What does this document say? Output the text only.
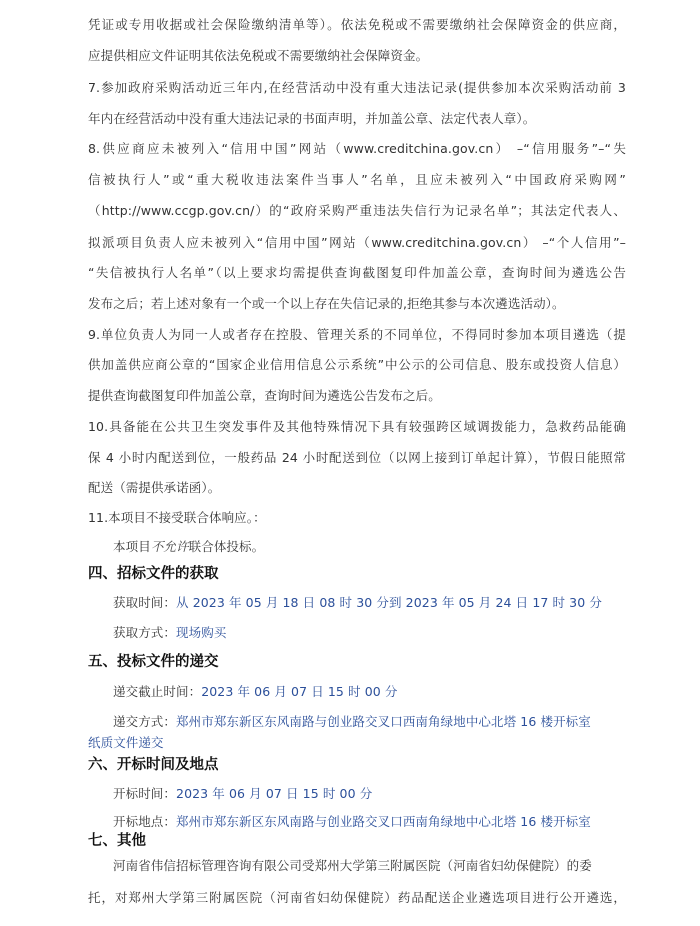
凭证或专用收据或社会保险缴纳清单等）。依法免税或不需要缴纳社会保障资金的供应商，
应提供相应文件证明其依法免税或不需要缴纳社会保障资金。
7.参加政府采购活动近三年内,在经营活动中没有重大违法记录(提供参加本次采购活动前 3
年内在经营活动中没有重大违法记录的书面声明，并加盖公章、法定代表人章）。
8.供应商应未被列入“信用中国”网站（www.creditchina.gov.cn） –“信用服务”–“失
信被执行人”或“重大税收违法案件当事人”名单，且应未被列入“中国政府采购网”
（http://www.ccgp.gov.cn/）的“政府采购严重违法失信行为记录名单”；其法定代表人、
拟派项目负责人应未被列入“信用中国”网站（www.creditchina.gov.cn） –“个人信用”–
“失信被执行人名单”（以上要求均需提供查询截图复印件加盖公章，查询时间为遴选公告
发布之后；若上述对象有一个或一个以上存在失信记录的,拒绝其参与本次遴选活动）。
9.单位负责人为同一人或者存在控股、管理关系的不同单位，不得同时参加本项目遴选（提
供加盖供应商公章的“国家企业信用信息公示系统”中公示的公司信息、股东或投资人信息）
提供查询截图复印件加盖公章，查询时间为遴选公告发布之后。
10.具备能在公共卫生突发事件及其他特殊情况下具有较强跨区域调拨能力，急救药品能确
保 4 小时内配送到位，一般药品 24 小时配送到位（以网上接到订单起计算），节假日能照常
配送（需提供承诺函）。
11.本项目不接受联合体响应。：
本项目不允许联合体投标。
四、招标文件的获取
获取时间：从 2023 年 05 月 18 日 08 时 30 分到 2023 年 05 月 24 日 17 时 30 分
获取方式：现场购买
五、投标文件的递交
递交截止时间：2023 年 06 月 07 日 15 时 00 分
递交方式：郑州市郑东新区东风南路与创业路交叉口西南角绿地中心北塔 16 楼开标室
纸质文件递交
六、开标时间及地点
开标时间：2023 年 06 月 07 日 15 时 00 分
开标地点：郑州市郑东新区东风南路与创业路交叉口西南角绿地中心北塔 16 楼开标室
七、其他
河南省伟信招标管理咨询有限公司受郑州大学第三附属医院（河南省妇幼保健院）的委
托，对郑州大学第三附属医院（河南省妇幼保健院）药品配送企业遴选项目进行公开遴选，
